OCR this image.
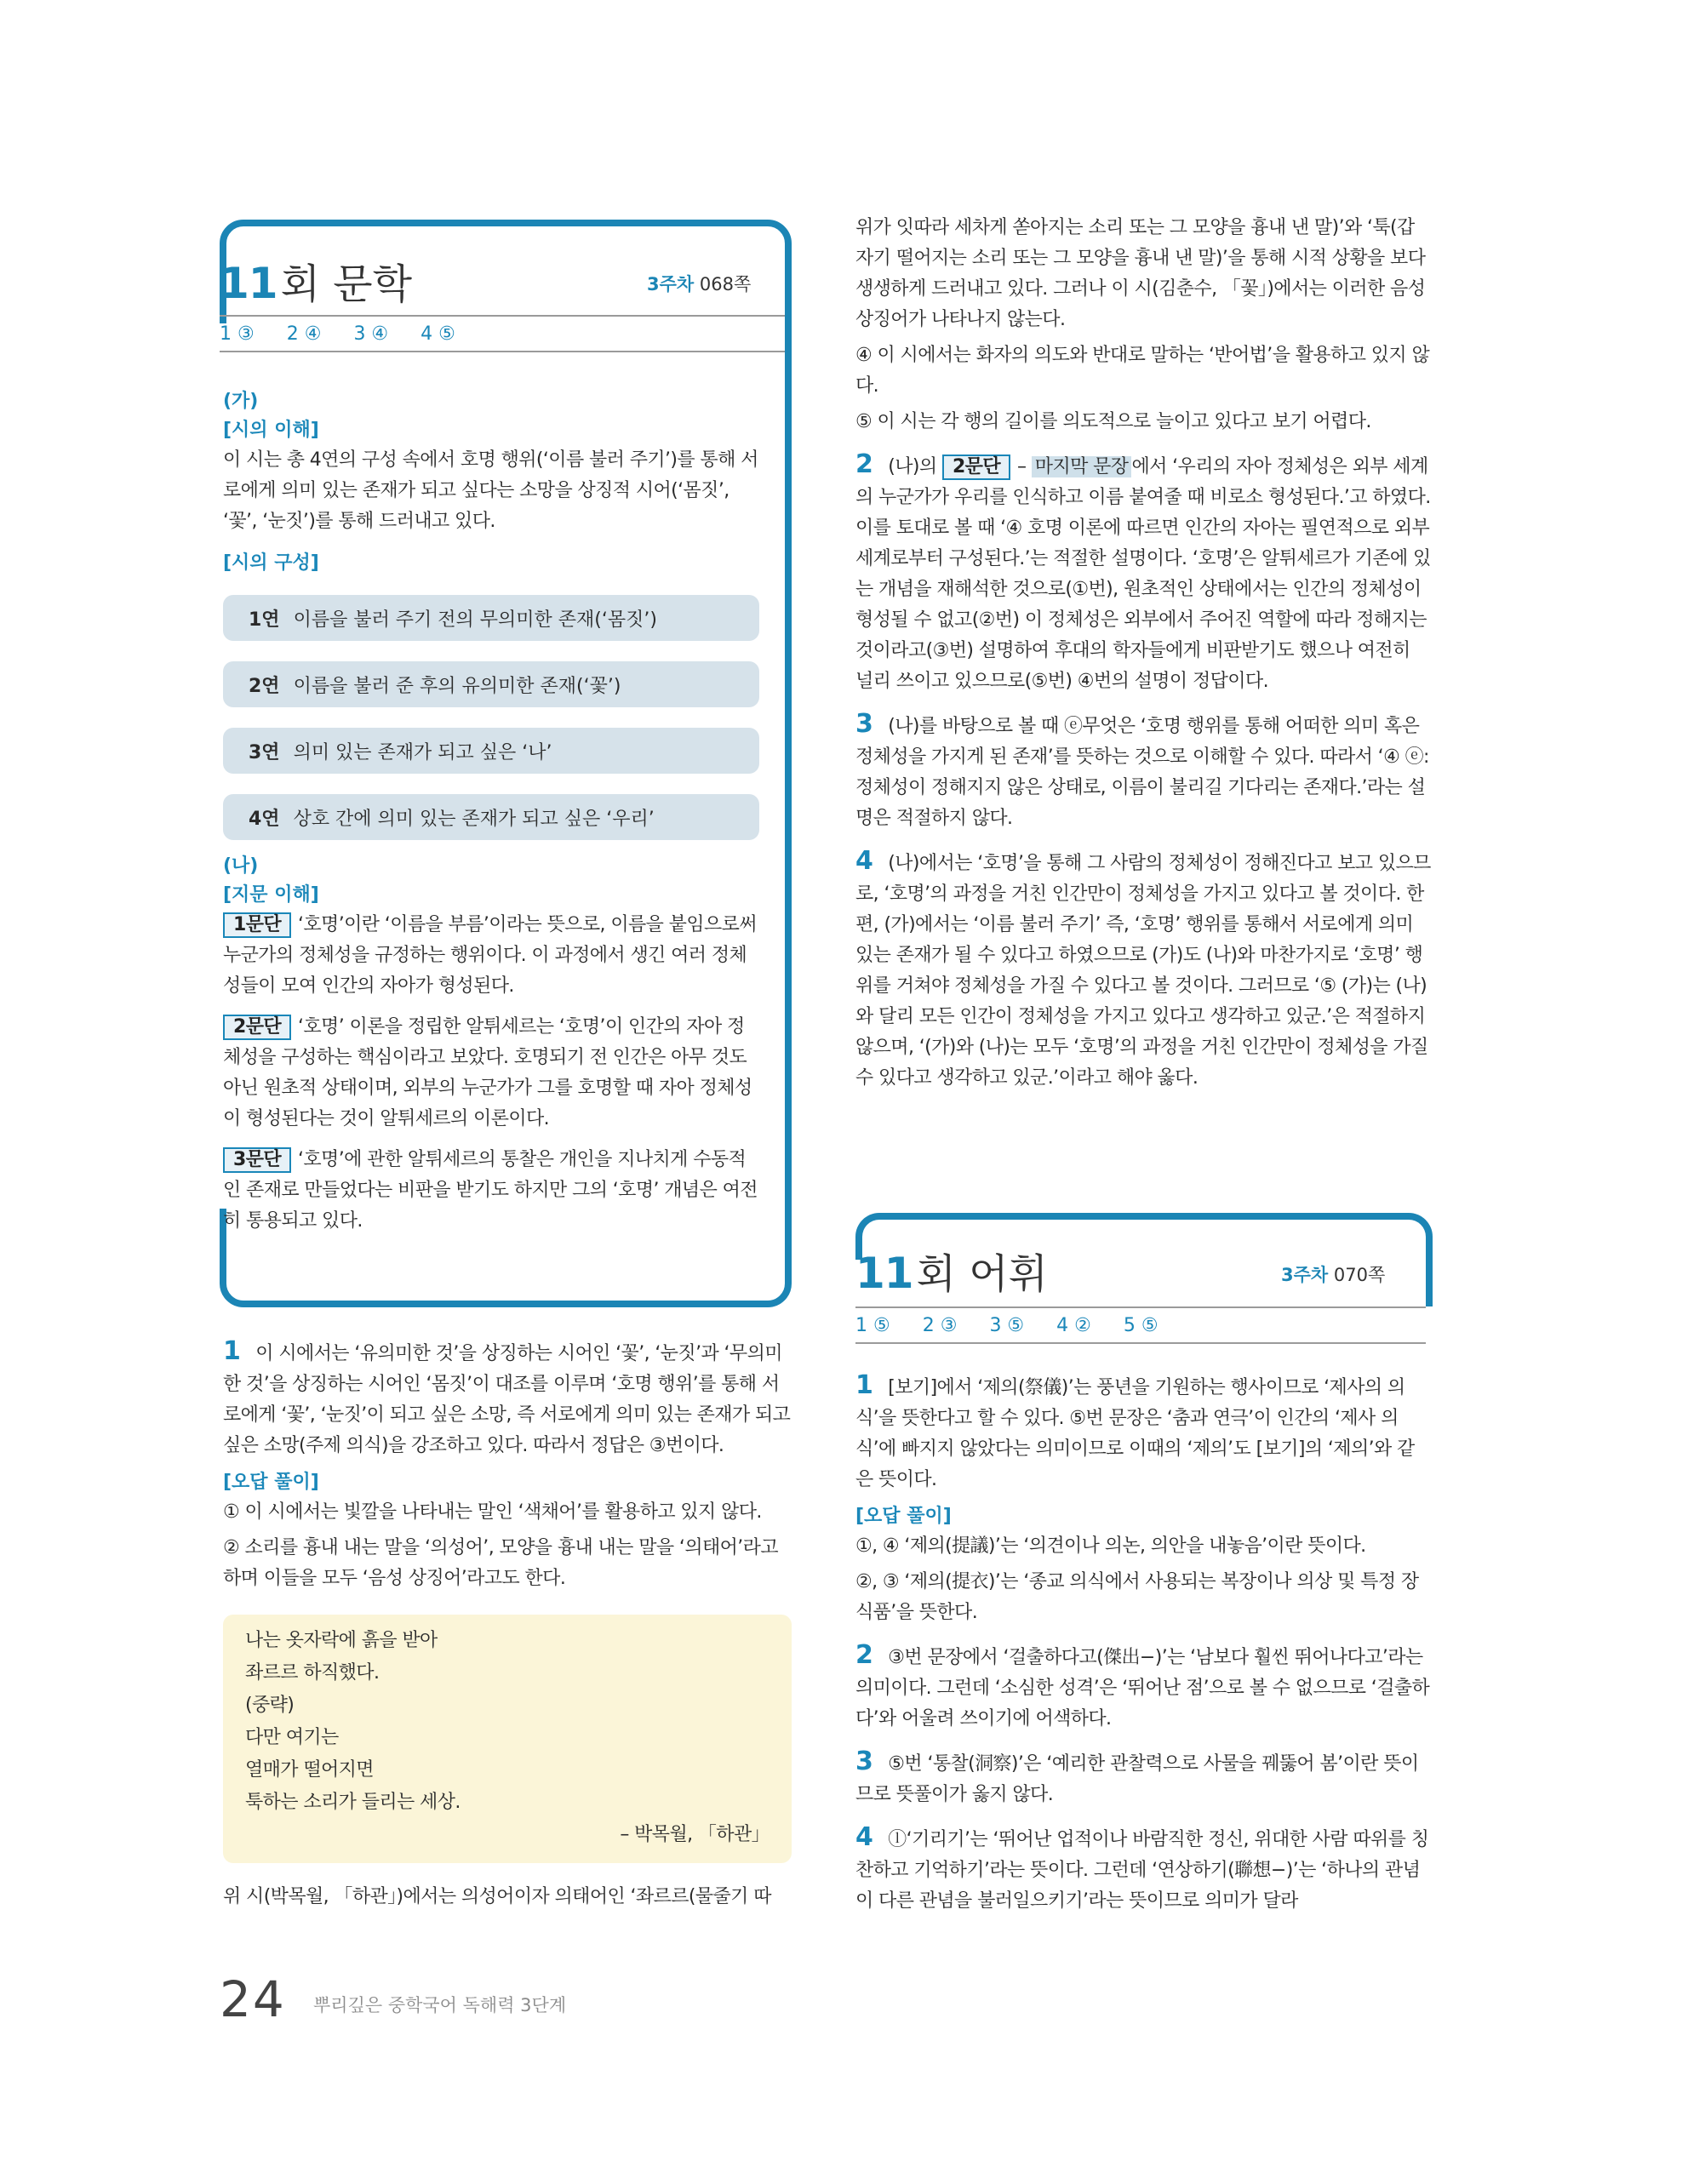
11 회 문학	3주차 068쪽
1 ③ 2 ④ 3 ④ 4 ⑤
(가)
[시의 이해]

이 시는 총 4연의 구성 속에서 호명 행위(‘이름 불러 주기’)를 통해 서로에게 의미 있는 존재가 되고 싶다는 소망을 상징적 시어(‘몸짓’, ‘꽃’, ‘눈짓’)를 통해 드러내고 있다.

[시의 구성]
1연 이름을 불러 주기 전의 무의미한 존재(‘몸짓’)
2연 이름을 불러 준 후의 유의미한 존재(‘꽃’)
3연 의미 있는 존재가 되고 싶은 ‘나’
4연 상호 간에 의미 있는 존재가 되고 싶은 ‘우리’
(나)
[지문 이해]

1문단 ‘호명’이란 ‘이름을 부름’이라는 뜻으로, 이름을 붙임으로써 누군가의 정체성을 규정하는 행위이다. 이 과정에서 생긴 여러 정체성들이 모여 인간의 자아가 형성된다.

2문단 ‘호명’ 이론을 정립한 알튀세르는 ‘호명’이 인간의 자아 정체성을 구성하는 핵심이라고 보았다. 호명되기 전 인간은 아무 것도 아닌 원초적 상태이며, 외부의 누군가가 그를 호명할 때 자아 정체성이 형성된다는 것이 알튀세르의 이론이다.

3문단 ‘호명’에 관한 알튀세르의 통찰은 개인을 지나치게 수동적인 존재로 만들었다는 비판을 받기도 하지만 그의 ‘호명’ 개념은 여전히 통용되고 있다.

1 이 시에서는 ‘유의미한 것’을 상징하는 시어인 ‘꽃’, ‘눈짓’과 ‘무의미한 것’을 상징하는 시어인 ‘몸짓’이 대조를 이루며 ‘호명 행위’를 통해 서로에게 ‘꽃’, ‘눈짓’이 되고 싶은 소망, 즉 서로에게 의미 있는 존재가 되고 싶은 소망(주제 의식)을 강조하고 있다. 따라서 정답은 ③번이다.

[오답 풀이]

① 이 시에서는 빛깔을 나타내는 말인 ‘색채어’를 활용하고 있지 않다.

② 소리를 흉내 내는 말을 ‘의성어’, 모양을 흉내 내는 말을 ‘의태어’라고 하며 이들을 모두 ‘음성 상징어’라고도 한다.

나는 옷자락에 흙을 받아

좌르르 하직했다.

(중략)

다만 여기는

열매가 떨어지면

툭하는 소리가 들리는 세상.

– 박목월, 「하관」

위 시(박목월, 「하관」)에서는 의성어이자 의태어인 ‘좌르르(물줄기 따

위가 잇따라 세차게 쏟아지는 소리 또는 그 모양을 흉내 낸 말)’와 ‘툭(갑자기 떨어지는 소리 또는 그 모양을 흉내 낸 말)’을 통해 시적 상황을 보다 생생하게 드러내고 있다. 그러나 이 시(김춘수, 「꽃」)에서는 이러한 음성 상징어가 나타나지 않는다.

④ 이 시에서는 화자의 의도와 반대로 말하는 ‘반어법’을 활용하고 있지 않다.

⑤ 이 시는 각 행의 길이를 의도적으로 늘이고 있다고 보기 어렵다.

2 (나)의 2문단 – 마지막 문장 에서 ‘우리의 자아 정체성은 외부 세계의 누군가가 우리를 인식하고 이름 붙여줄 때 비로소 형성된다.’고 하였다. 이를 토대로 볼 때 ‘④ 호명 이론에 따르면 인간의 자아는 필연적으로 외부 세계로부터 구성된다.’는 적절한 설명이다. ‘호명’은 알튀세르가 기존에 있는 개념을 재해석한 것으로(①번), 원초적인 상태에서는 인간의 정체성이 형성될 수 없고(②번) 이 정체성은 외부에서 주어진 역할에 따라 정해지는 것이라고(③번) 설명하여 후대의 학자들에게 비판받기도 했으나 여전히 널리 쓰이고 있으므로(⑤번) ④번의 설명이 정답이다.

3 (나)를 바탕으로 볼 때 ⓔ무엇은 ‘호명 행위를 통해 어떠한 의미 혹은 정체성을 가지게 된 존재’를 뜻하는 것으로 이해할 수 있다. 따라서 ‘④ ⓔ: 정체성이 정해지지 않은 상태로, 이름이 불리길 기다리는 존재다.’라는 설명은 적절하지 않다.

4 (나)에서는 ‘호명’을 통해 그 사람의 정체성이 정해진다고 보고 있으므로, ‘호명’의 과정을 거친 인간만이 정체성을 가지고 있다고 볼 것이다. 한편, (가)에서는 ‘이름 불러 주기’ 즉, ‘호명’ 행위를 통해서 서로에게 의미 있는 존재가 될 수 있다고 하였으므로 (가)도 (나)와 마찬가지로 ‘호명’ 행위를 거쳐야 정체성을 가질 수 있다고 볼 것이다. 그러므로 ‘⑤ (가)는 (나)와 달리 모든 인간이 정체성을 가지고 있다고 생각하고 있군.’은 적절하지 않으며, ‘(가)와 (나)는 모두 ‘호명’의 과정을 거친 인간만이 정체성을 가질 수 있다고 생각하고 있군.’이라고 해야 옳다.

11 회 어휘	3주차 070쪽
1 ⑤ 2 ③ 3 ⑤ 4 ② 5 ⑤

1 [보기]에서 ‘제의(祭儀)’는 풍년을 기원하는 행사이므로 ‘제사의 의식’을 뜻한다고 할 수 있다. ⑤번 문장은 ‘춤과 연극’이 인간의 ‘제사 의식’에 빠지지 않았다는 의미이므로 이때의 ‘제의’도 [보기]의 ‘제의’와 같은 뜻이다.

[오답 풀이]

①, ④ ‘제의(提議)’는 ‘의견이나 의논, 의안을 내놓음’이란 뜻이다.

②, ③ ‘제의(提衣)’는 ‘종교 의식에서 사용되는 복장이나 의상 및 특정 장식품’을 뜻한다.

2 ③번 문장에서 ‘걸출하다고(傑出−)’는 ‘남보다 훨씬 뛰어나다고’라는 의미이다. 그런데 ‘소심한 성격’은 ‘뛰어난 점’으로 볼 수 없으므로 ‘걸출하다’와 어울려 쓰이기에 어색하다.

3 ⑤번 ‘통찰(洞察)’은 ‘예리한 관찰력으로 사물을 꿰뚫어 봄’이란 뜻이므로 뜻풀이가 옳지 않다.

4 ⓛ‘기리기’는 ‘뛰어난 업적이나 바람직한 정신, 위대한 사람 따위를 칭찬하고 기억하기’라는 뜻이다. 그런데 ‘연상하기(聯想−)’는 ‘하나의 관념이 다른 관념을 불러일으키기’라는 뜻이므로 의미가 달라

24 뿌리깊은 중학국어 독해력 3단계
